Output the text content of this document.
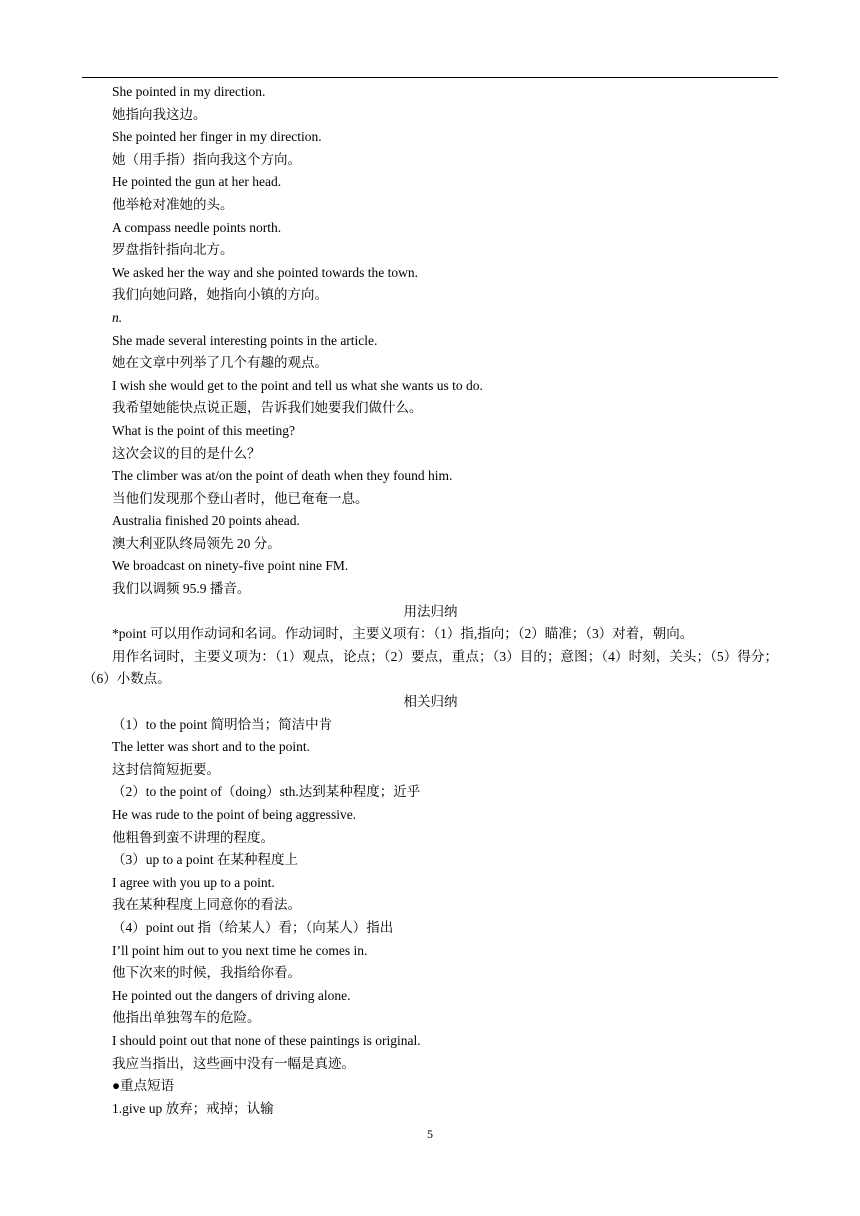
She pointed in my direction.
她指向我这边。
She pointed her finger in my direction.
她（用手指）指向我这个方向。
He pointed the gun at her head.
他举枪对准她的头。
A compass needle points north.
罗盘指针指向北方。
We asked her the way and she pointed towards the town.
我们向她问路，她指向小镇的方向。
n.
She made several interesting points in the article.
她在文章中列举了几个有趣的观点。
I wish she would get to the point and tell us what she wants us to do.
我希望她能快点说正题，告诉我们她要我们做什么。
What is the point of this meeting?
这次会议的目的是什么？
The climber was at/on the point of death when they found him.
当他们发现那个登山者时，他已奄奄一息。
Australia finished 20 points ahead.
澳大利亚队终局领先 20 分。
We broadcast on ninety-five point nine FM.
我们以调频 95.9 播音。
用法归纳
*point 可以用作动词和名词。作动词时，主要义项有：（1）指,指向；（2）瞄准；（3）对着，朝向。
用作名词时，主要义项为：（1）观点，论点；（2）要点，重点；（3）目的；意图；（4）时刻，关头；（5）得分；（6）小数点。
相关归纳
（1）to the point 简明恰当；简洁中肯
The letter was short and to the point.
这封信简短扼要。
（2）to the point of（doing）sth.达到某种程度；近乎
He was rude to the point of being aggressive.
他粗鲁到蛮不讲理的程度。
（3）up to a point 在某种程度上
I agree with you up to a point.
我在某种程度上同意你的看法。
（4）point out 指（给某人）看；（向某人）指出
I’ll point him out to you next time he comes in.
他下次来的时候，我指给你看。
He pointed out the dangers of driving alone.
他指出单独驾车的危险。
I should point out that none of these paintings is original.
我应当指出，这些画中没有一幅是真迹。
●重点短语
1.give up 放弃；戒掉；认输
5
